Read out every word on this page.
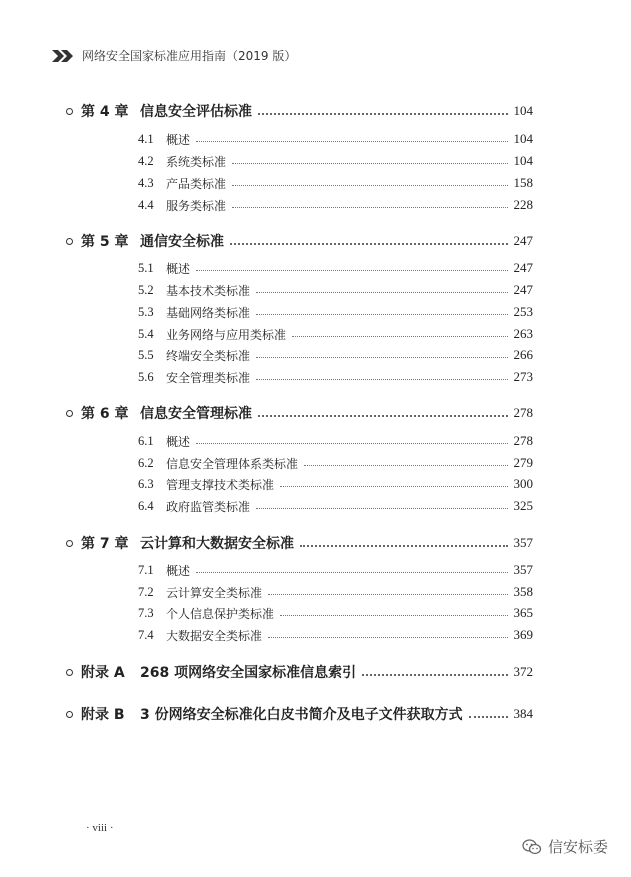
网络安全国家标准应用指南（2019 版）
第 4 章 信息安全评估标准	104
4.1 概述	104
4.2 系统类标准	104
4.3 产品类标准	158
4.4 服务类标准	228
第 5 章 通信安全标准	247
5.1 概述	247
5.2 基本技术类标准	247
5.3 基础网络类标准	253
5.4 业务网络与应用类标准	263
5.5 终端安全类标准	266
5.6 安全管理类标准	273
第 6 章 信息安全管理标准	278
6.1 概述	278
6.2 信息安全管理体系类标准	279
6.3 管理支撑技术类标准	300
6.4 政府监管类标准	325
第 7 章 云计算和大数据安全标准	357
7.1 概述	357
7.2 云计算安全类标准	358
7.3 个人信息保护类标准	365
7.4 大数据安全类标准	369
附录 A 268 项网络安全国家标准信息索引	372
附录 B 3 份网络安全标准化白皮书简介及电子文件获取方式	384
· viii ·
信安标委
